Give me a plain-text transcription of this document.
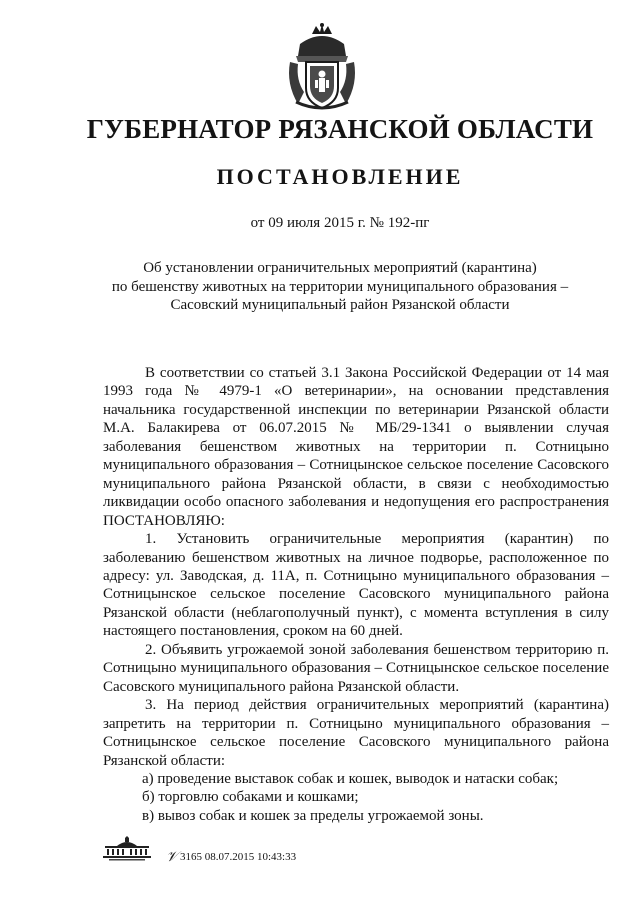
ГУБЕРНАТОР РЯЗАНСКОЙ ОБЛАСТИ
ПОСТАНОВЛЕНИЕ
от 09 июля 2015 г. № 192-пг
Об установлении ограничительных мероприятий (карантина)
по бешенству животных на территории муниципального образования –
Сасовский муниципальный район Рязанской области

В соответствии со статьей 3.1 Закона Российской Федерации от 14 мая 1993 года № 4979-1 «О ветеринарии», на основании представления начальника государственной инспекции по ветеринарии Рязанской области М.А. Балакирева от 06.07.2015 № МБ/29-1341 о выявлении случая заболевания бешенством животных на территории п. Сотницыно муниципального образования – Сотницынское сельское поселение Сасовского муниципального района Рязанской области, в связи с необходимостью ликвидации особо опасного заболевания и недопущения его распространения ПОСТАНОВЛЯЮ:

1. Установить ограничительные мероприятия (карантин) по заболеванию бешенством животных на личное подворье, расположенное по адресу: ул. Заводская, д. 11А, п. Сотницыно муниципального образования – Сотницынское сельское поселение Сасовского муниципального района Рязанской области (неблагополучный пункт), с момента вступления в силу настоящего постановления, сроком на 60 дней.

2. Объявить угрожаемой зоной заболевания бешенством территорию п. Сотницыно муниципального образования – Сотницынское сельское поселение Сасовского муниципального района Рязанской области.

3. На период действия ограничительных мероприятий (карантина) запретить на территории п. Сотницыно муниципального образования – Сотницынское сельское поселение Сасовского муниципального района Рязанской области:

а) проведение выставок собак и кошек, выводок и натаски собак;

б) торговлю собаками и кошками;

в) вывоз собак и кошек за пределы угрожаемой зоны.

𝒱 3165 08.07.2015 10:43:33
